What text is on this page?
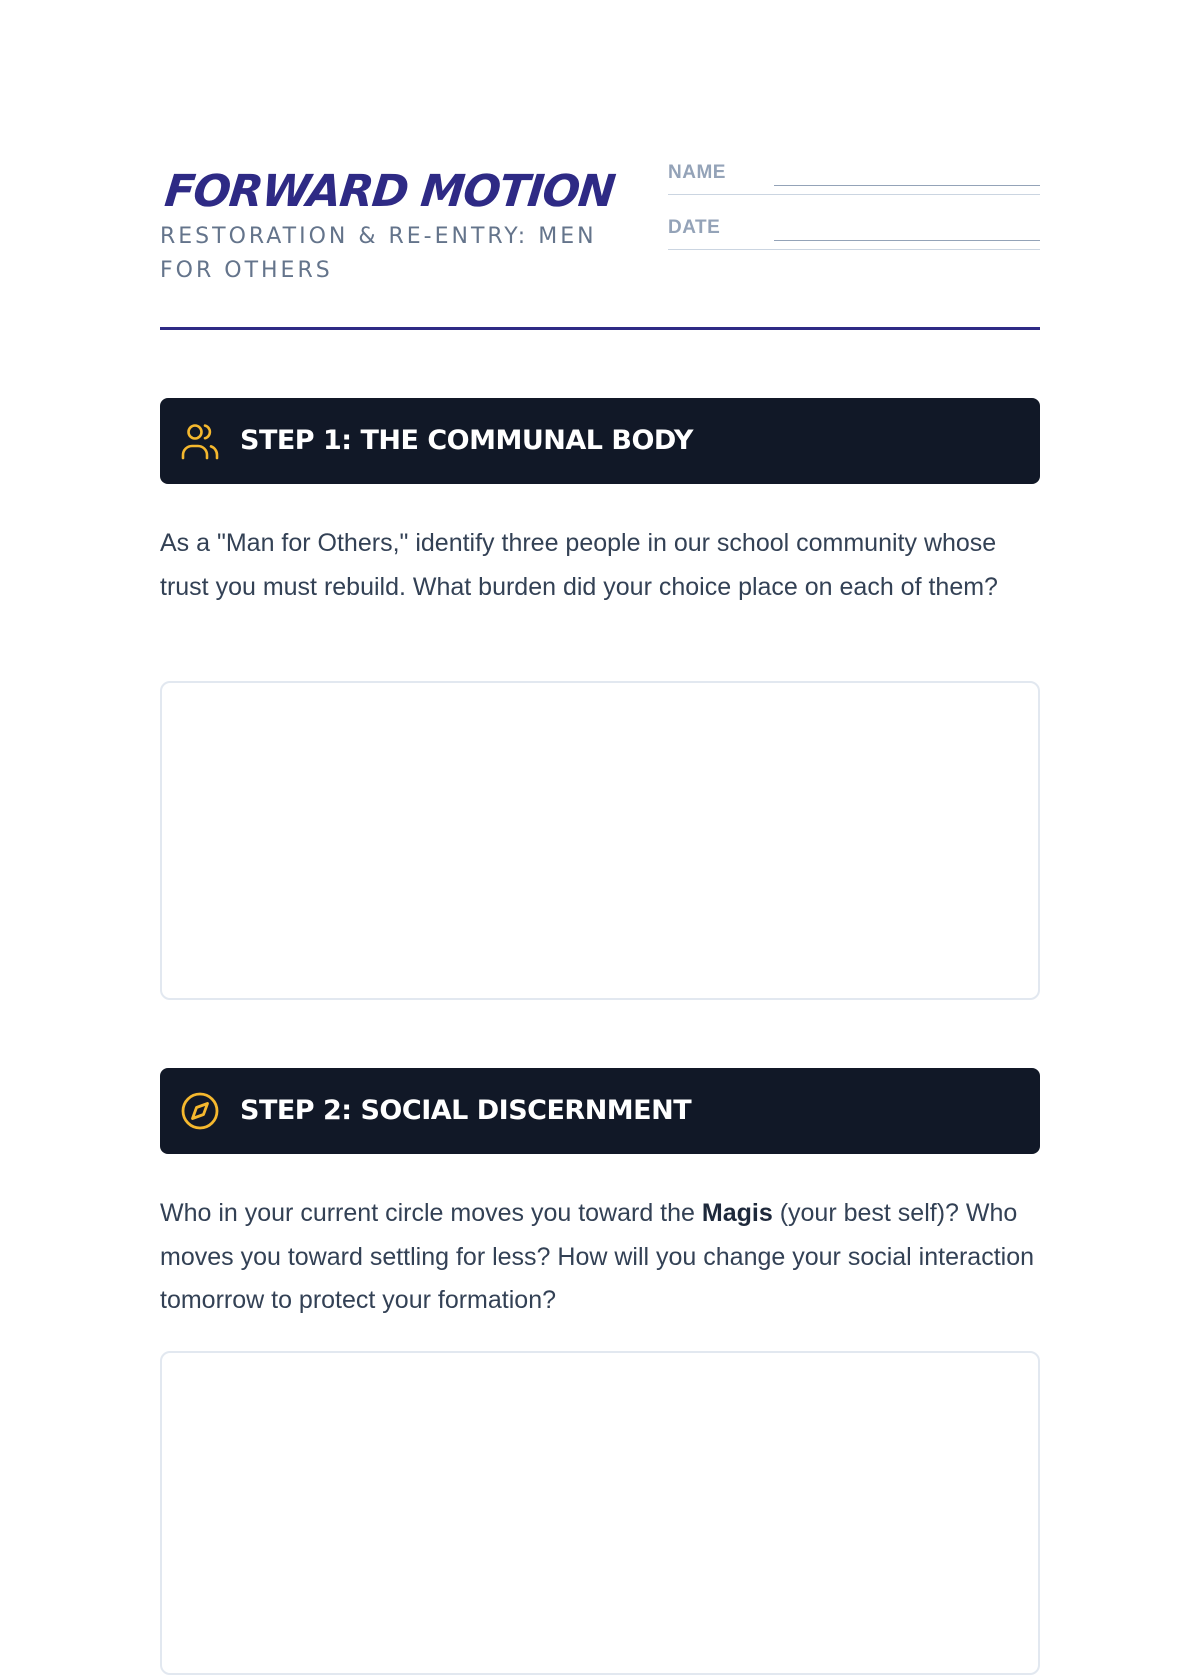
FORWARD MOTION

RESTORATION & RE-ENTRY: MEN FOR OTHERS

NAME
DATE
STEP 1: THE COMMUNAL BODY

As a "Man for Others," identify three people in our school community whose trust you must rebuild. What burden did your choice place on each of them?

STEP 2: SOCIAL DISCERNMENT

Who in your current circle moves you toward the Magis (your best self)? Who moves you toward settling for less? How will you change your social interaction tomorrow to protect your formation?
